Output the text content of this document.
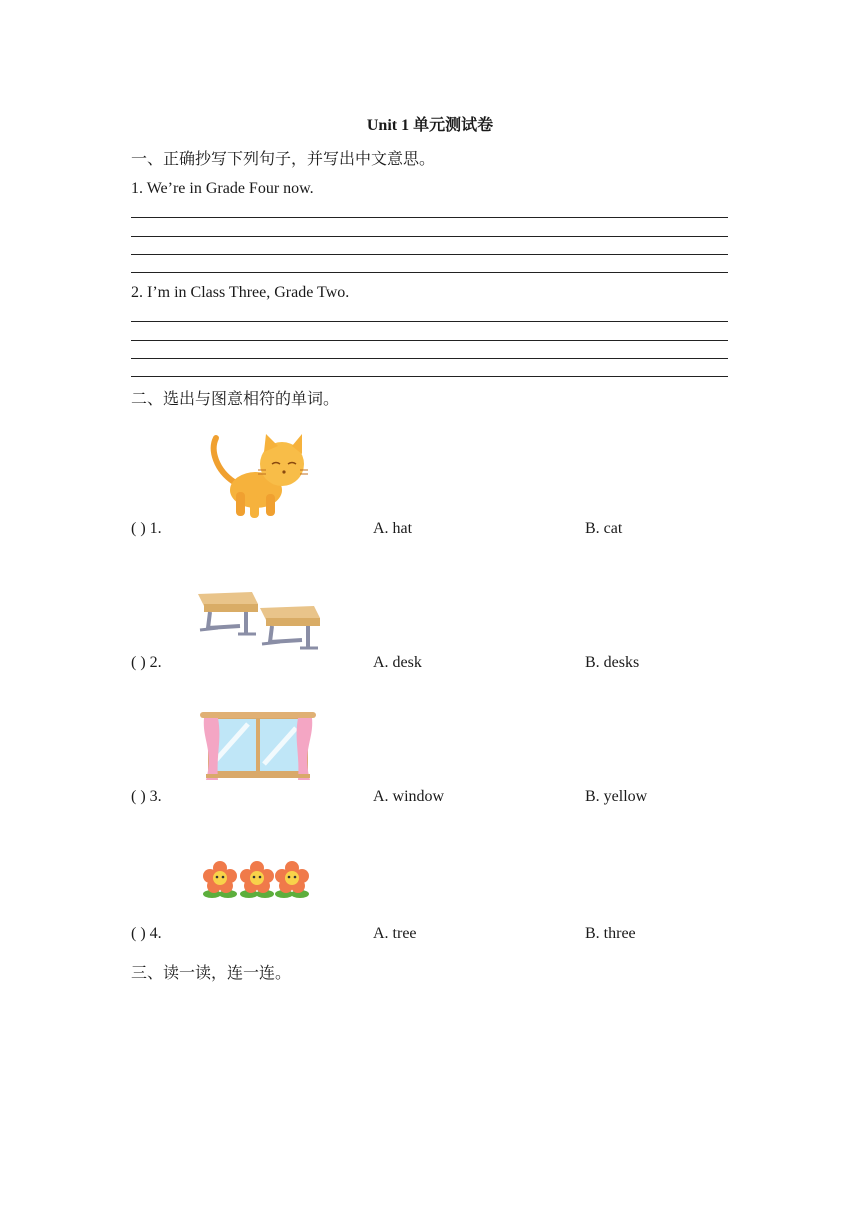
Unit 1 单元测试卷
一、正确抄写下列句子，并写出中文意思。
1. We’re in Grade Four now.
2. I’m in Class Three, Grade Two.
二、选出与图意相符的单词。
( ) 1.	A. hat	B. cat
( ) 2.	A. desk	B. desks
( ) 3.	A. window	B. yellow
( ) 4.	A. tree	B. three
三、读一读，连一连。
